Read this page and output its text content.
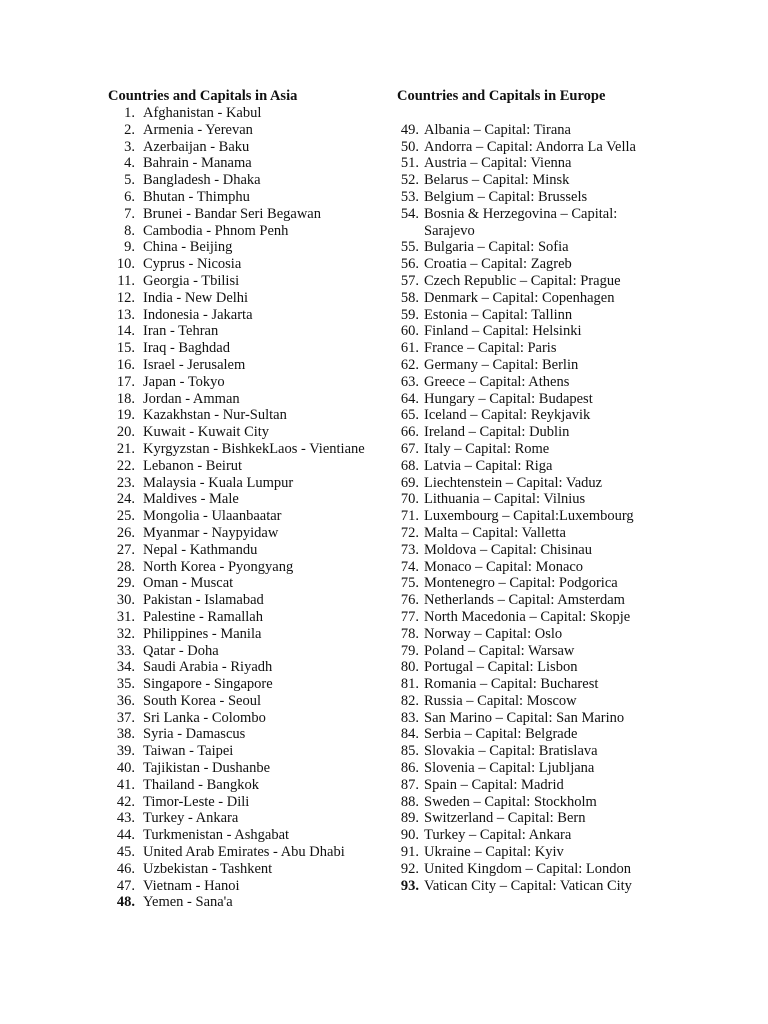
Countries and Capitals in Asia
1. Afghanistan - Kabul
2. Armenia - Yerevan
3. Azerbaijan - Baku
4. Bahrain - Manama
5. Bangladesh - Dhaka
6. Bhutan - Thimphu
7. Brunei - Bandar Seri Begawan
8. Cambodia - Phnom Penh
9. China - Beijing
10. Cyprus - Nicosia
11. Georgia - Tbilisi
12. India - New Delhi
13. Indonesia - Jakarta
14. Iran - Tehran
15. Iraq - Baghdad
16. Israel - Jerusalem
17. Japan - Tokyo
18. Jordan - Amman
19. Kazakhstan - Nur-Sultan
20. Kuwait - Kuwait City
21. Kyrgyzstan - BishkekLaos - Vientiane
22. Lebanon - Beirut
23. Malaysia - Kuala Lumpur
24. Maldives - Male
25. Mongolia - Ulaanbaatar
26. Myanmar - Naypyidaw
27. Nepal - Kathmandu
28. North Korea - Pyongyang
29. Oman - Muscat
30. Pakistan - Islamabad
31. Palestine - Ramallah
32. Philippines - Manila
33. Qatar - Doha
34. Saudi Arabia - Riyadh
35. Singapore - Singapore
36. South Korea - Seoul
37. Sri Lanka - Colombo
38. Syria - Damascus
39. Taiwan - Taipei
40. Tajikistan - Dushanbe
41. Thailand - Bangkok
42. Timor-Leste - Dili
43. Turkey - Ankara
44. Turkmenistan - Ashgabat
45. United Arab Emirates - Abu Dhabi
46. Uzbekistan - Tashkent
47. Vietnam - Hanoi
48. Yemen - Sana'a
Countries and Capitals in Europe
49. Albania – Capital: Tirana
50. Andorra – Capital: Andorra La Vella
51. Austria – Capital: Vienna
52. Belarus – Capital: Minsk
53. Belgium – Capital: Brussels
54. Bosnia & Herzegovina – Capital: Sarajevo
55. Bulgaria – Capital: Sofia
56. Croatia – Capital: Zagreb
57. Czech Republic – Capital: Prague
58. Denmark – Capital: Copenhagen
59. Estonia – Capital: Tallinn
60. Finland – Capital: Helsinki
61. France – Capital: Paris
62. Germany – Capital: Berlin
63. Greece – Capital: Athens
64. Hungary – Capital: Budapest
65. Iceland – Capital: Reykjavik
66. Ireland – Capital: Dublin
67. Italy – Capital: Rome
68. Latvia – Capital: Riga
69. Liechtenstein – Capital: Vaduz
70. Lithuania – Capital: Vilnius
71. Luxembourg – Capital:Luxembourg
72. Malta – Capital: Valletta
73. Moldova – Capital: Chisinau
74. Monaco – Capital: Monaco
75. Montenegro – Capital: Podgorica
76. Netherlands – Capital: Amsterdam
77. North Macedonia – Capital: Skopje
78. Norway – Capital: Oslo
79. Poland – Capital: Warsaw
80. Portugal – Capital: Lisbon
81. Romania – Capital: Bucharest
82. Russia – Capital: Moscow
83. San Marino – Capital: San Marino
84. Serbia – Capital: Belgrade
85. Slovakia – Capital: Bratislava
86. Slovenia – Capital: Ljubljana
87. Spain – Capital: Madrid
88. Sweden – Capital: Stockholm
89. Switzerland – Capital: Bern
90. Turkey – Capital: Ankara
91. Ukraine – Capital: Kyiv
92. United Kingdom – Capital: London
93. Vatican City – Capital: Vatican City
